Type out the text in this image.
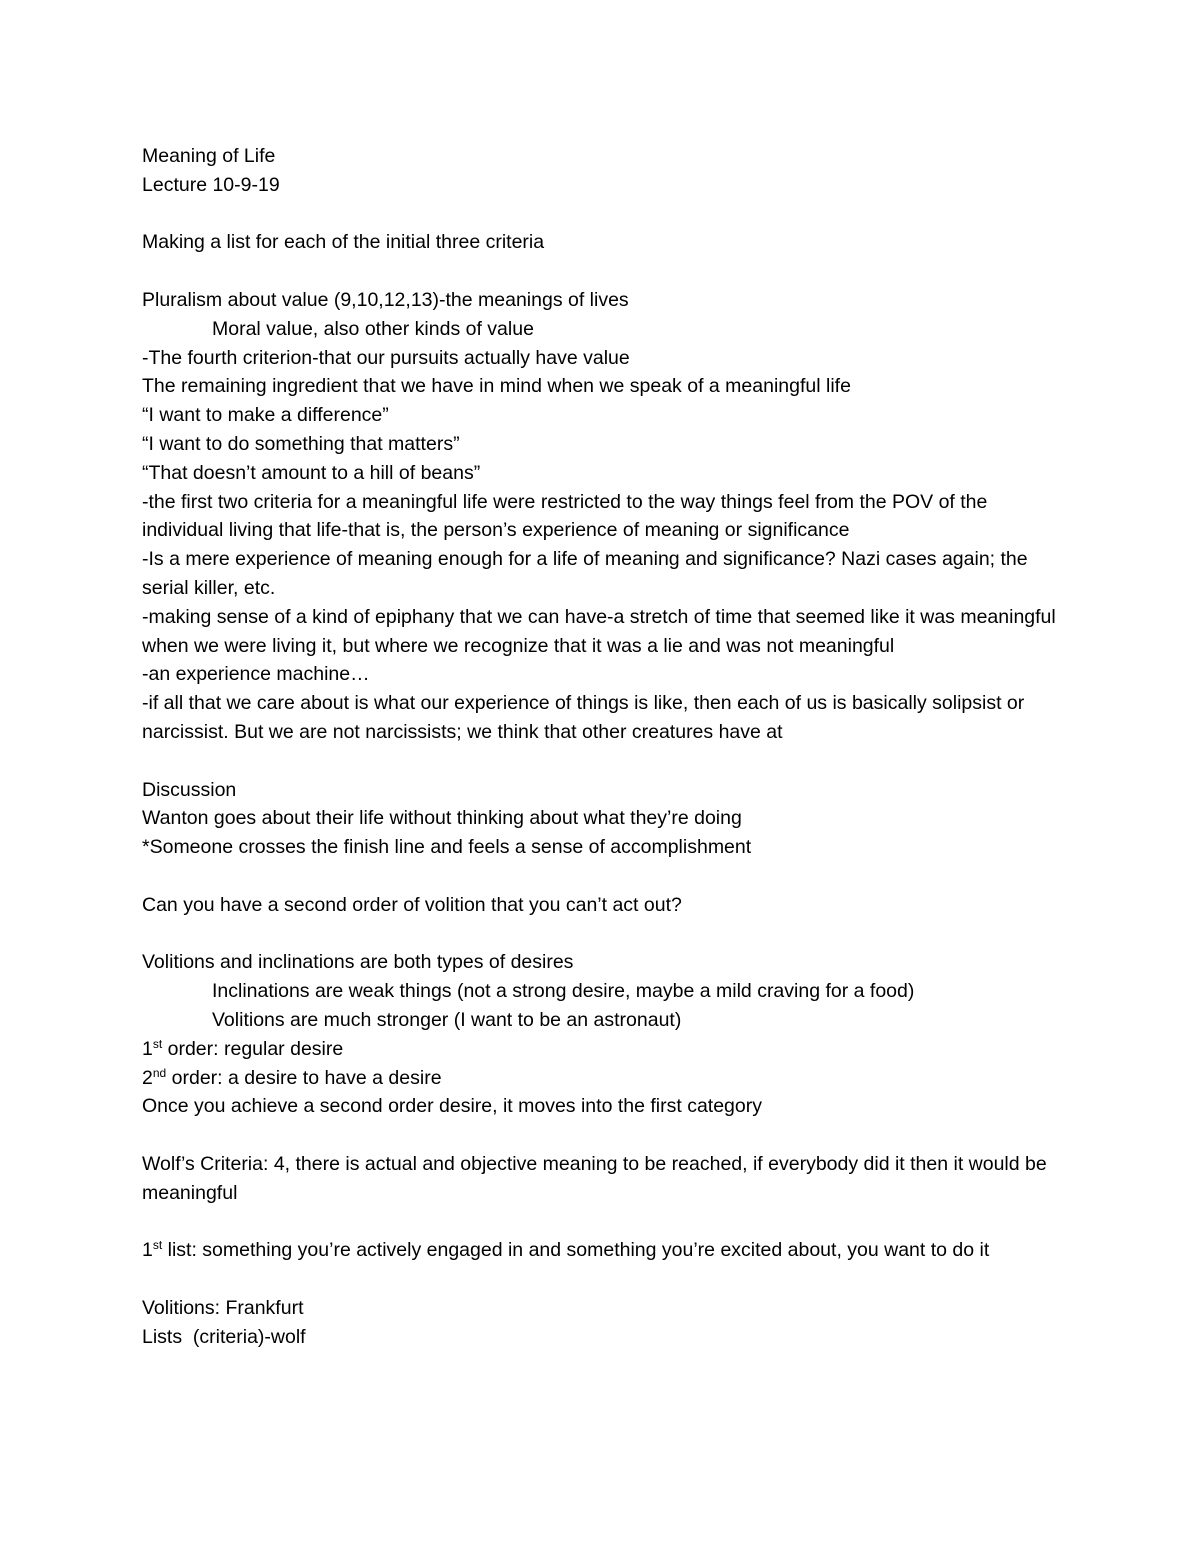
Meaning of Life
Lecture 10-9-19
Making a list for each of the initial three criteria
Pluralism about value (9,10,12,13)-the meanings of lives
Moral value, also other kinds of value
-The fourth criterion-that our pursuits actually have value
The remaining ingredient that we have in mind when we speak of a meaningful life
“I want to make a difference”
“I want to do something that matters”
“That doesn’t amount to a hill of beans”
-the first two criteria for a meaningful life were restricted to the way things feel from the POV of the individual living that life-that is, the person’s experience of meaning or significance
-Is a mere experience of meaning enough for a life of meaning and significance? Nazi cases again; the serial killer, etc.
-making sense of a kind of epiphany that we can have-a stretch of time that seemed like it was meaningful when we were living it, but where we recognize that it was a lie and was not meaningful
-an experience machine…
-if all that we care about is what our experience of things is like, then each of us is basically solipsist or narcissist. But we are not narcissists; we think that other creatures have at
Discussion
Wanton goes about their life without thinking about what they’re doing
*Someone crosses the finish line and feels a sense of accomplishment
Can you have a second order of volition that you can’t act out?
Volitions and inclinations are both types of desires
Inclinations are weak things (not a strong desire, maybe a mild craving for a food)
Volitions are much stronger (I want to be an astronaut)
1st order: regular desire
2nd order: a desire to have a desire
Once you achieve a second order desire, it moves into the first category
Wolf’s Criteria: 4, there is actual and objective meaning to be reached, if everybody did it then it would be meaningful
1st list: something you’re actively engaged in and something you’re excited about, you want to do it
Volitions: Frankfurt
Lists  (criteria)-wolf
